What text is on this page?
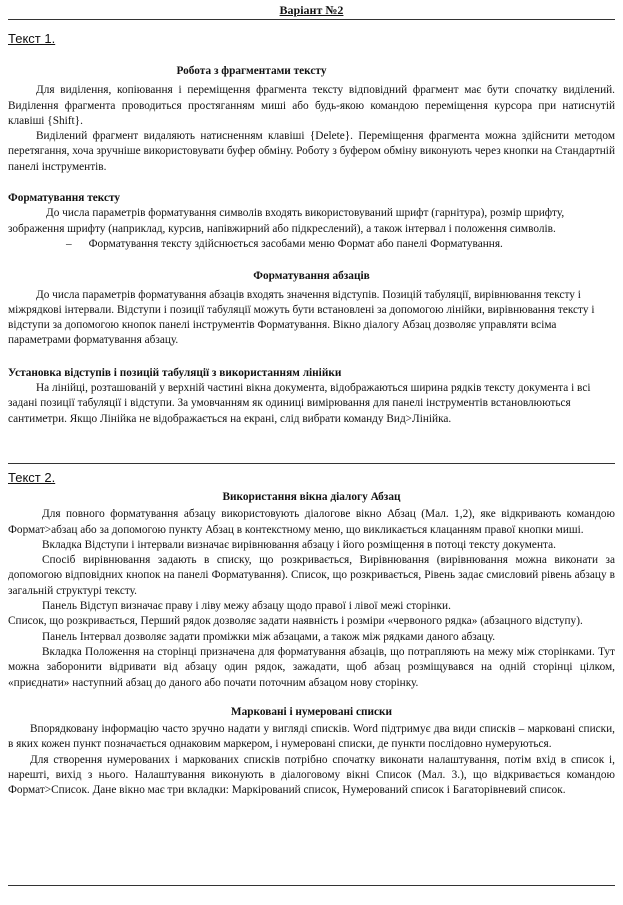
Варіант №2
Текст 1.

Робота з фрагментами тексту

Для виділення, копіювання і переміщення фрагмента тексту відповідний фрагмент має бути спочатку виділений. Виділення фрагмента проводиться простяганням миші або будь-якою командою переміщення курсора при натиснутій клавіші {Shift}.

Виділений фрагмент видаляють натисненням клавіші {Delete}. Переміщення фрагмента можна здійснити методом перетягання, хоча зручніше використовувати буфер обміну. Роботу з буфером обміну виконують через кнопки на Стандартній панелі інструментів.

Форматування тексту

До числа параметрів форматування символів входять використовуваний шрифт (гарнітура), розмір шрифту, зображення шрифту (наприклад, курсив, напівжирний або підкреслений), а також інтервал і положення символів.

– Форматування тексту здійснюється засобами меню Формат або панелі Форматування.

Форматування абзаців

До числа параметрів форматування абзаців входять значення відступів. Позицій табуляції, вирівнювання тексту і міжрядкові інтервали. Відступи і позиції табуляції можуть бути встановлені за допомогою лінійки, вирівнювання тексту і відступи за допомогою кнопок панелі інструментів Форматування. Вікно діалогу Абзац дозволяє управляти всіма параметрами форматування абзацу.

Установка відступів і позицій табуляції з використанням лінійки

На лінійці, розташованій у верхній частині вікна документа, відображаються ширина рядків тексту документа і всі задані позиції табуляції і відступи. За умовчанням як одиниці вимірювання для панелі інструментів встановлюються сантиметри. Якщо Лінійка не відображається на екрані, слід вибрати команду Вид>Лінійка.

Текст 2.

Використання вікна діалогу Абзац

Для повного форматування абзацу використовують діалогове вікно Абзац (Мал. 1,2), яке відкривають командою Формат>абзац або за допомогою пункту Абзац в контекстному меню, що викликається клацанням правої кнопки миші.

Вкладка Відступи і інтервали визначає вирівнювання абзацу і його розміщення в потоці тексту документа.

Спосіб вирівнювання задають в списку, що розкривається, Вирівнювання (вирівнювання можна виконати за допомогою відповідних кнопок на панелі Форматування). Список, що розкривається, Рівень задає смисловий рівень абзацу в загальній структурі тексту.

Панель Відступ визначає праву і ліву межу абзацу щодо правої і лівої межі сторінки.

Список, що розкривається, Перший рядок дозволяє задати наявність і розміри «червоного рядка» (абзацного відступу).

Панель Інтервал дозволяє задати проміжки між абзацами, а також між рядками даного абзацу.

Вкладка Положення на сторінці призначена для форматування абзаців, що потрапляють на межу між сторінками. Тут можна заборонити відривати від абзацу один рядок, зажадати, щоб абзац розміщувався на одній сторінці цілком, «приєднати» наступний абзац до даного або почати поточним абзацом нову сторінку.

Марковані і нумеровані списки

Впорядковану інформацію часто зручно надати у вигляді списків. Word підтримує два види списків – марковані списки, в яких кожен пункт позначається однаковим маркером, і нумеровані списки, де пункти послідовно нумеруються.

Для створення нумерованих і маркованих списків потрібно спочатку виконати налаштування, потім вхід в список і, нарешті, вихід з нього. Налаштування виконують в діалоговому вікні Список (Мал. 3.), що відкривається командою Формат>Список. Дане вікно має три вкладки: Маркірований список, Нумерований список і Багаторівневий список.
